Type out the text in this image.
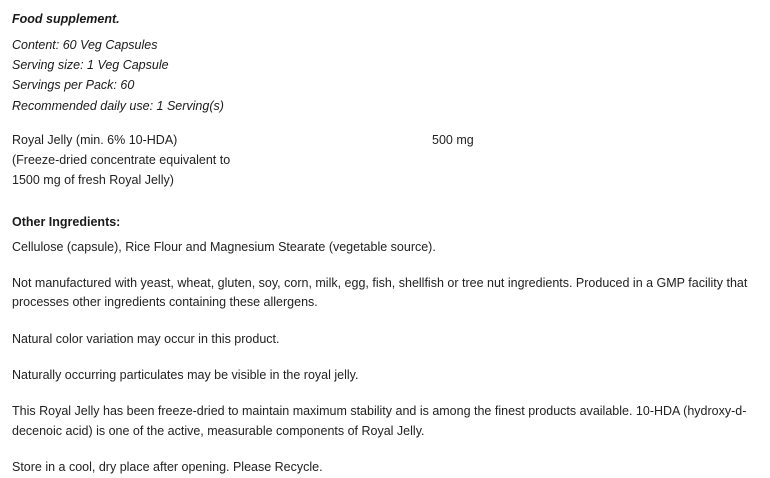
Food supplement.
Content: 60 Veg Capsules
Serving size: 1 Veg Capsule
Servings per Pack: 60
Recommended daily use: 1 Serving(s)
Royal Jelly (min. 6% 10-HDA)	500 mg
(Freeze-dried concentrate equivalent to
1500 mg of fresh Royal Jelly)
Other Ingredients:
Cellulose (capsule), Rice Flour and Magnesium Stearate (vegetable source).
Not manufactured with yeast, wheat, gluten, soy, corn, milk, egg, fish, shellfish or tree nut ingredients. Produced in a GMP facility that processes other ingredients containing these allergens.
Natural color variation may occur in this product.
Naturally occurring particulates may be visible in the royal jelly.
This Royal Jelly has been freeze-dried to maintain maximum stability and is among the finest products available. 10-HDA (hydroxy-d-decenoic acid) is one of the active, measurable components of Royal Jelly.
Store in a cool, dry place after opening. Please Recycle.
